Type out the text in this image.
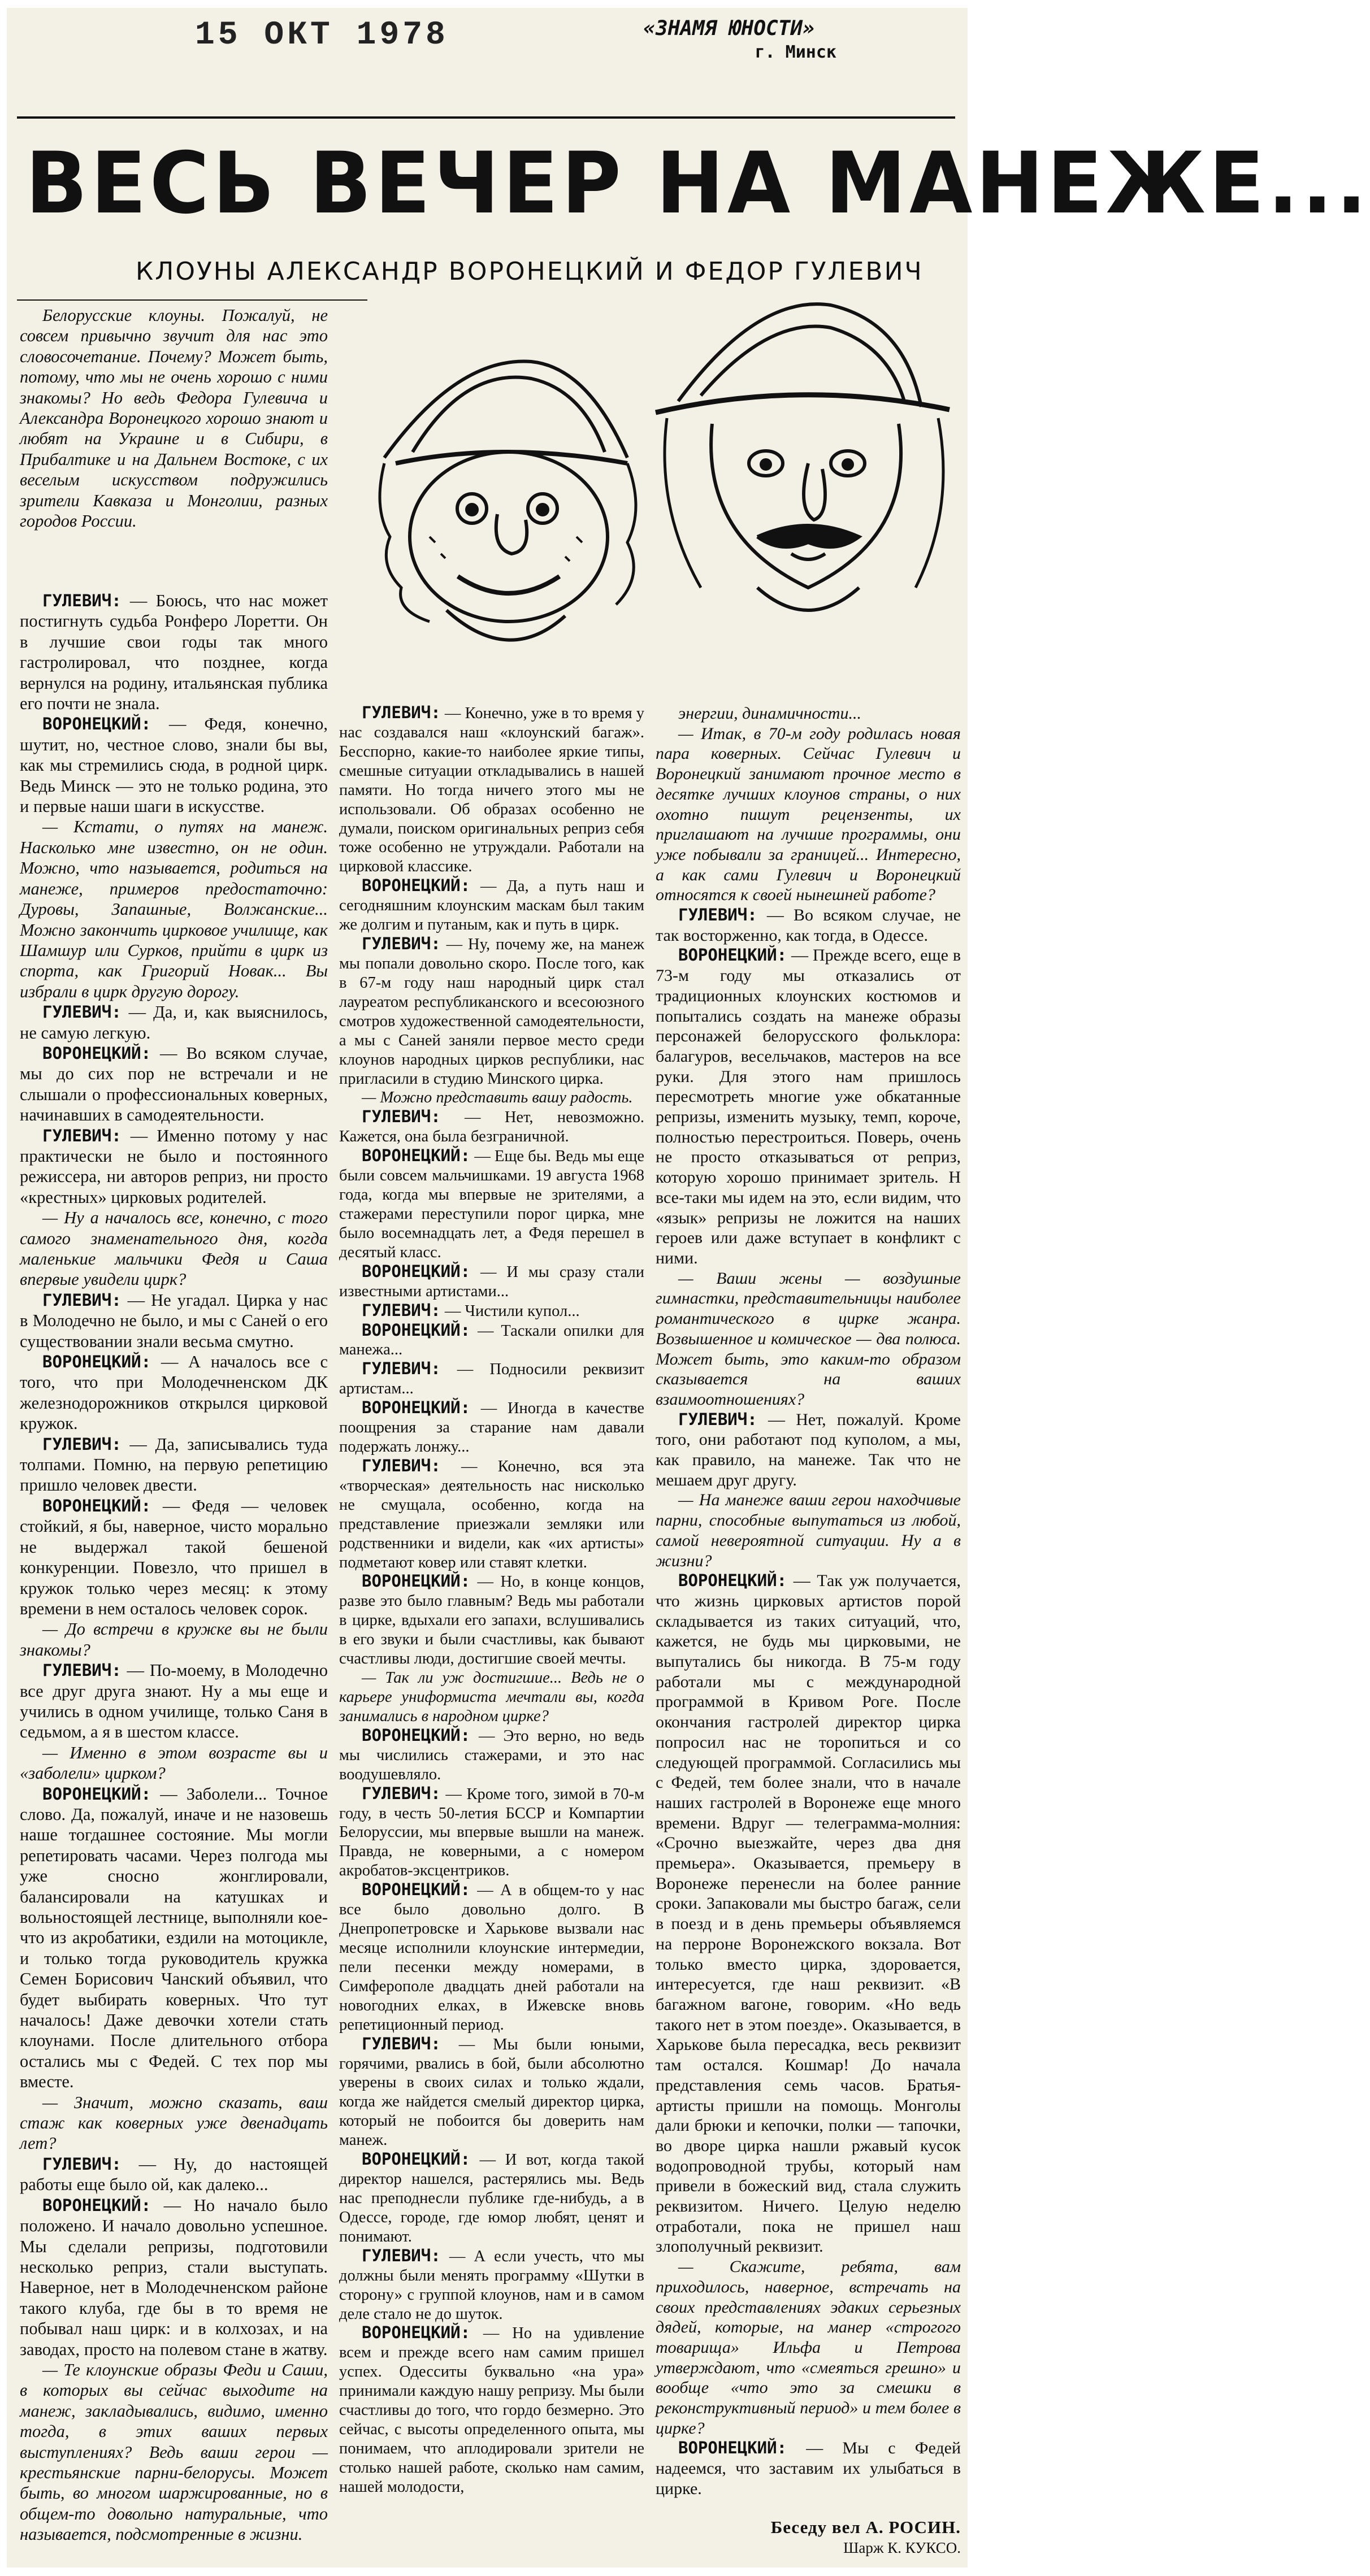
15 ОКТ 1978	«ЗНАМЯ ЮНОСТИ»
г. Минск
ВЕСЬ ВЕЧЕР НА МАНЕЖЕ...
КЛОУНЫ АЛЕКСАНДР ВОРОНЕЦКИЙ И ФЕДОР ГУЛЕВИЧ

Белорусские клоуны. Пожалуй, не совсем привычно звучит для нас это словосочетание. Почему? Может быть, потому, что мы не очень хорошо с ними знакомы? Но ведь Федора Гулевича и Александра Воронецкого хорошо знают и любят на Украине и в Сибири, в Прибалтике и на Дальнем Востоке, с их веселым искусством подружились зрители Кавказа и Монголии, разных городов России.

ГУЛЕВИЧ: — Боюсь, что нас может постигнуть судьба Ронферо Лоретти. Он в лучшие свои годы так много гастролировал, что позднее, когда вернулся на родину, итальянская публика его почти не знала.

ВОРОНЕЦКИЙ: — Федя, конечно, шутит, но, честное слово, знали бы вы, как мы стремились сюда, в родной цирк. Ведь Минск — это не только родина, это и первые наши шаги в искусстве.

— Кстати, о путях на манеж. Насколько мне известно, он не один. Можно, что называется, родиться на манеже, примеров предостаточно: Дуровы, Запашные, Волжанские... Можно закончить цирковое училище, как Шамшур или Сурков, прийти в цирк из спорта, как Григорий Новак... Вы избрали в цирк другую дорогу.

ГУЛЕВИЧ: — Да, и, как выяснилось, не самую легкую.

ВОРОНЕЦКИЙ: — Во всяком случае, мы до сих пор не встречали и не слышали о профессиональных коверных, начинавших в самодеятельности.

ГУЛЕВИЧ: — Именно потому у нас практически не было и постоянного режиссера, ни авторов реприз, ни просто «крестных» цирковых родителей.

— Ну а началось все, конечно, с того самого знаменательного дня, когда маленькие мальчики Федя и Саша впервые увидели цирк?

ГУЛЕВИЧ: — Не угадал. Цирка у нас в Молодечно не было, и мы с Саней о его существовании знали весьма смутно.

ВОРОНЕЦКИЙ: — А началось все с того, что при Молодечненском ДК железнодорожников открылся цирковой кружок.

ГУЛЕВИЧ: — Да, записывались туда толпами. Помню, на первую репетицию пришло человек двести.

ВОРОНЕЦКИЙ: — Федя — человек стойкий, я бы, наверное, чисто морально не выдержал такой бешеной конкуренции. Повезло, что пришел в кружок только через месяц: к этому времени в нем осталось человек сорок.

— До встречи в кружке вы не были знакомы?

ГУЛЕВИЧ: — По-моему, в Молодечно все друг друга знают. Ну а мы еще и учились в одном училище, только Саня в седьмом, а я в шестом классе.

— Именно в этом возрасте вы и «заболели» цирком?

ВОРОНЕЦКИЙ: — Заболели... Точное слово. Да, пожалуй, иначе и не назовешь наше тогдашнее состояние. Мы могли репетировать часами. Через полгода мы уже сносно жонглировали, балансировали на катушках и вольностоящей лестнице, выполняли кое-что из акробатики, ездили на мотоцикле, и только тогда руководитель кружка Семен Борисович Чанский объявил, что будет выбирать коверных. Что тут началось! Даже девочки хотели стать клоунами. После длительного отбора остались мы с Федей. С тех пор мы вместе.

— Значит, можно сказать, ваш стаж как коверных уже двенадцать лет?

ГУЛЕВИЧ: — Ну, до настоящей работы еще было ой, как далеко...

ВОРОНЕЦКИЙ: — Но начало было положено. И начало довольно успешное. Мы сделали репризы, подготовили несколько реприз, стали выступать. Наверное, нет в Молодечненском районе такого клуба, где бы в то время не побывал наш цирк: и в колхозах, и на заводах, просто на полевом стане в жатву.

— Те клоунские образы Феди и Саши, в которых вы сейчас выходите на манеж, закладывались, видимо, именно тогда, в этих ваших первых выступлениях? Ведь ваши герои — крестьянские парни-белорусы. Может быть, во многом шаржированные, но в общем-то довольно натуральные, что называется, подсмотренные в жизни.

ГУЛЕВИЧ: — Конечно, уже в то время у нас создавался наш «клоунский багаж». Бесспорно, какие-то наиболее яркие типы, смешные ситуации откладывались в нашей памяти. Но тогда ничего этого мы не использовали. Об образах особенно не думали, поиском оригинальных реприз себя тоже особенно не утруждали. Работали на цирковой классике.

ВОРОНЕЦКИЙ: — Да, а путь наш и сегодняшним клоунским маскам был таким же долгим и путаным, как и путь в цирк.

ГУЛЕВИЧ: — Ну, почему же, на манеж мы попали довольно скоро. После того, как в 67-м году наш народный цирк стал лауреатом республиканского и всесоюзного смотров художественной самодеятельности, а мы с Саней заняли первое место среди клоунов народных цирков республики, нас пригласили в студию Минского цирка.

— Можно представить вашу радость.

ГУЛЕВИЧ: — Нет, невозможно. Кажется, она была безграничной.

ВОРОНЕЦКИЙ: — Еще бы. Ведь мы еще были совсем мальчишками. 19 августа 1968 года, когда мы впервые не зрителями, а стажерами переступили порог цирка, мне было восемнадцать лет, а Федя перешел в десятый класс.

ВОРОНЕЦКИЙ: — И мы сразу стали известными артистами...

ГУЛЕВИЧ: — Чистили купол...

ВОРОНЕЦКИЙ: — Таскали опилки для манежа...

ГУЛЕВИЧ: — Подносили реквизит артистам...

ВОРОНЕЦКИЙ: — Иногда в качестве поощрения за старание нам давали подержать лонжу...

ГУЛЕВИЧ: — Конечно, вся эта «творческая» деятельность нас нисколько не смущала, особенно, когда на представление приезжали земляки или родственники и видели, как «их артисты» подметают ковер или ставят клетки.

ВОРОНЕЦКИЙ: — Но, в конце концов, разве это было главным? Ведь мы работали в цирке, вдыхали его запахи, вслушивались в его звуки и были счастливы, как бывают счастливы люди, достигшие своей мечты.

— Так ли уж достигшие... Ведь не о карьере униформиста мечтали вы, когда занимались в народном цирке?

ВОРОНЕЦКИЙ: — Это верно, но ведь мы числились стажерами, и это нас воодушевляло.

ГУЛЕВИЧ: — Кроме того, зимой в 70-м году, в честь 50-летия БССР и Компартии Белоруссии, мы впервые вышли на манеж. Правда, не коверными, а с номером акробатов-эксцентриков.

ВОРОНЕЦКИЙ: — А в общем-то у нас все было довольно долго. В Днепропетровске и Харькове вызвали нас месяце исполнили клоунские интермедии, пели песенки между номерами, в Симферополе двадцать дней работали на новогодних елках, в Ижевске вновь репетиционный период.

ГУЛЕВИЧ: — Мы были юными, горячими, рвались в бой, были абсолютно уверены в своих силах и только ждали, когда же найдется смелый директор цирка, который не побоится бы доверить нам манеж.

ВОРОНЕЦКИЙ: — И вот, когда такой директор нашелся, растерялись мы. Ведь нас преподнесли публике где-нибудь, а в Одессе, городе, где юмор любят, ценят и понимают.

ГУЛЕВИЧ: — А если учесть, что мы должны были менять программу «Шутки в сторону» с группой клоунов, нам и в самом деле стало не до шуток.

ВОРОНЕЦКИЙ: — Но на удивление всем и прежде всего нам самим пришел успех. Одесситы буквально «на ура» принимали каждую нашу репризу. Мы были счастливы до того, что гордо безмерно. Это сейчас, с высоты определенного опыта, мы понимаем, что аплодировали зрители не столько нашей работе, сколько нам самим, нашей молодости,

энергии, динамичности...

— Итак, в 70-м году родилась новая пара коверных. Сейчас Гулевич и Воронецкий занимают прочное место в десятке лучших клоунов страны, о них охотно пишут рецензенты, их приглашают на лучшие программы, они уже побывали за границей... Интересно, а как сами Гулевич и Воронецкий относятся к своей нынешней работе?

ГУЛЕВИЧ: — Во всяком случае, не так восторженно, как тогда, в Одессе.

ВОРОНЕЦКИЙ: — Прежде всего, еще в 73-м году мы отказались от традиционных клоунских костюмов и попытались создать на манеже образы персонажей белорусского фольклора: балагуров, весельчаков, мастеров на все руки. Для этого нам пришлось пересмотреть многие уже обкатанные репризы, изменить музыку, темп, короче, полностью перестроиться. Поверь, очень не просто отказываться от реприз, которую хорошо принимает зритель. Н все-таки мы идем на это, если видим, что «язык» репризы не ложится на наших героев или даже вступает в конфликт с ними.

— Ваши жены — воздушные гимнастки, представительницы наиболее романтического в цирке жанра. Возвышенное и комическое — два полюса. Может быть, это каким-то образом сказывается на ваших взаимоотношениях?

ГУЛЕВИЧ: — Нет, пожалуй. Кроме того, они работают под куполом, а мы, как правило, на манеже. Так что не мешаем друг другу.

— На манеже ваши герои находчивые парни, способные выпутаться из любой, самой невероятной ситуации. Ну а в жизни?

ВОРОНЕЦКИЙ: — Так уж получается, что жизнь цирковых артистов порой складывается из таких ситуаций, что, кажется, не будь мы цирковыми, не выпутались бы никогда. В 75-м году работали мы с международной программой в Кривом Роге. После окончания гастролей директор цирка попросил нас не торопиться и со следующей программой. Согласились мы с Федей, тем более знали, что в начале наших гастролей в Воронеже еще много времени. Вдруг — телеграмма-молния: «Срочно выезжайте, через два дня премьера». Оказывается, премьеру в Воронеже перенесли на более ранние сроки. Запаковали мы быстро багаж, сели в поезд и в день премьеры объявляемся на перроне Воронежского вокзала. Вот только вместо цирка, здоровается, интересуется, где наш реквизит. «В багажном вагоне, говорим. «Но ведь такого нет в этом поезде». Оказывается, в Харькове была пересадка, весь реквизит там остался. Кошмар! До начала представления семь часов. Братья-артисты пришли на помощь. Монголы дали брюки и кепочки, полки — тапочки, во дворе цирка нашли ржавый кусок водопроводной трубы, который нам привели в божеский вид, стала служить реквизитом. Ничего. Целую неделю отработали, пока не пришел наш злополучный реквизит.

— Скажите, ребята, вам приходилось, наверное, встречать на своих представлениях эдаких серьезных дядей, которые, на манер «строгого товарища» Ильфа и Петрова утверждают, что «смеяться грешно» и вообще «что это за смешки в реконструктивный период» и тем более в цирке?

ВОРОНЕЦКИЙ: — Мы с Федей надеемся, что заставим их улыбаться в цирке.

Беседу вел А. РОСИН.
Шарж К. КУКСО.
